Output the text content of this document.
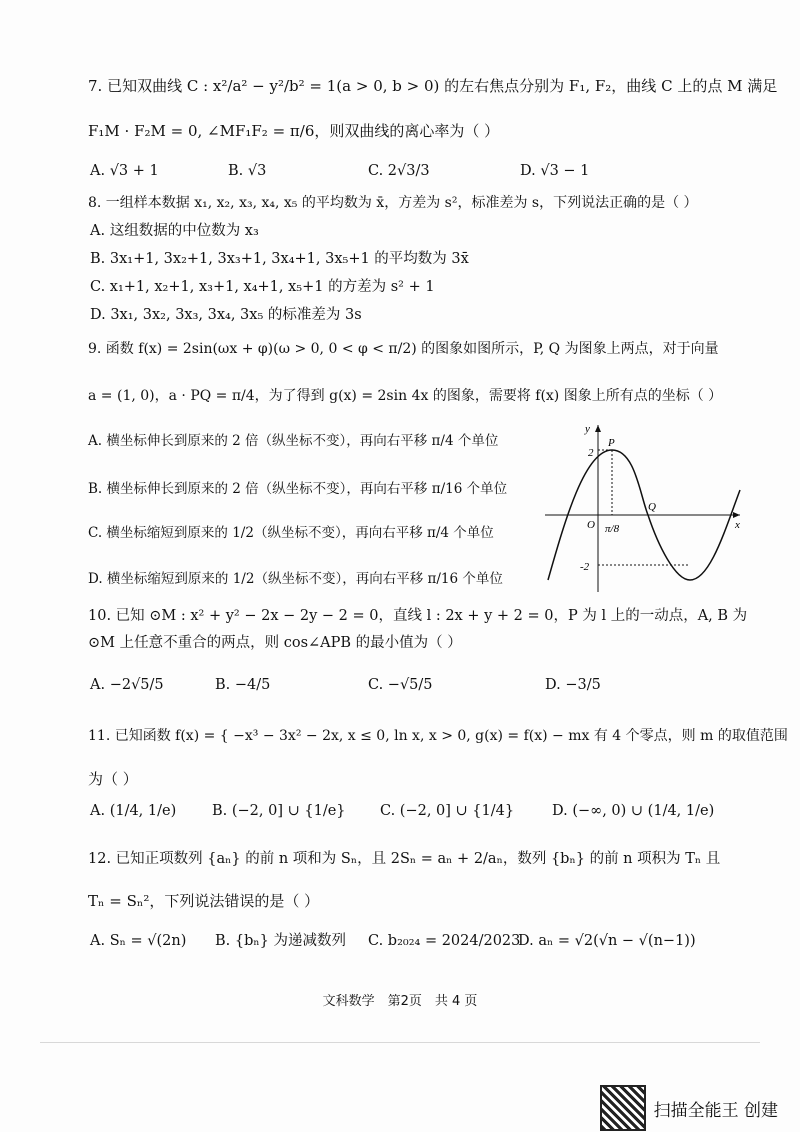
7. 已知双曲线 C : x²/a² − y²/b² = 1(a > 0, b > 0) 的左右焦点分别为 F₁, F₂，曲线 C 上的点 M 满足
F₁M · F₂M = 0, ∠MF₁F₂ = π/6，则双曲线的离心率为（ ）
A. √3 + 1	B. √3	C. 2√3/3	D. √3 − 1
8. 一组样本数据 x₁, x₂, x₃, x₄, x₅ 的平均数为 x̄，方差为 s²，标准差为 s，下列说法正确的是（ ）
A. 这组数据的中位数为 x₃
B. 3x₁+1, 3x₂+1, 3x₃+1, 3x₄+1, 3x₅+1 的平均数为 3x̄
C. x₁+1, x₂+1, x₃+1, x₄+1, x₅+1 的方差为 s² + 1
D. 3x₁, 3x₂, 3x₃, 3x₄, 3x₅ 的标准差为 3s
9. 函数 f(x) = 2sin(ωx + φ)(ω > 0, 0 < φ < π/2) 的图象如图所示，P, Q 为图象上两点，对于向量
a = (1, 0)，a · PQ = π/4，为了得到 g(x) = 2sin 4x 的图象，需要将 f(x) 图象上所有点的坐标（ ）
A. 横坐标伸长到原来的 2 倍（纵坐标不变），再向右平移 π/4 个单位
B. 横坐标伸长到原来的 2 倍（纵坐标不变），再向右平移 π/16 个单位
C. 横坐标缩短到原来的 1/2（纵坐标不变），再向右平移 π/4 个单位
D. 横坐标缩短到原来的 1/2（纵坐标不变），再向右平移 π/16 个单位
y
x
P
Q
O
2
-2
π/8
10. 已知 ⊙M : x² + y² − 2x − 2y − 2 = 0，直线 l : 2x + y + 2 = 0，P 为 l 上的一动点，A, B 为
⊙M 上任意不重合的两点，则 cos∠APB 的最小值为（ ）
A. −2√5/5	B. −4/5	C. −√5/5	D. −3/5
11. 已知函数 f(x) = { −x³ − 3x² − 2x, x ≤ 0, ln x, x > 0, g(x) = f(x) − mx 有 4 个零点，则 m 的取值范围
为（ ）
A. (1/4, 1/e) B. (−2, 0] ∪ {1/e} C. (−2, 0] ∪ {1/4}	D. (−∞, 0) ∪ (1/4, 1/e)
12. 已知正项数列 {aₙ} 的前 n 项和为 Sₙ，且 2Sₙ = aₙ + 2/aₙ，数列 {bₙ} 的前 n 项积为 Tₙ 且
Tₙ = Sₙ²，下列说法错误的是（ ）
A. Sₙ = √(2n) B. {bₙ} 为递减数列 C. b₂₀₂₄ = 2024/2023
D. aₙ = √2(√n − √(n−1))
文科数学　第2页　共 4 页
扫描全能王 创建
